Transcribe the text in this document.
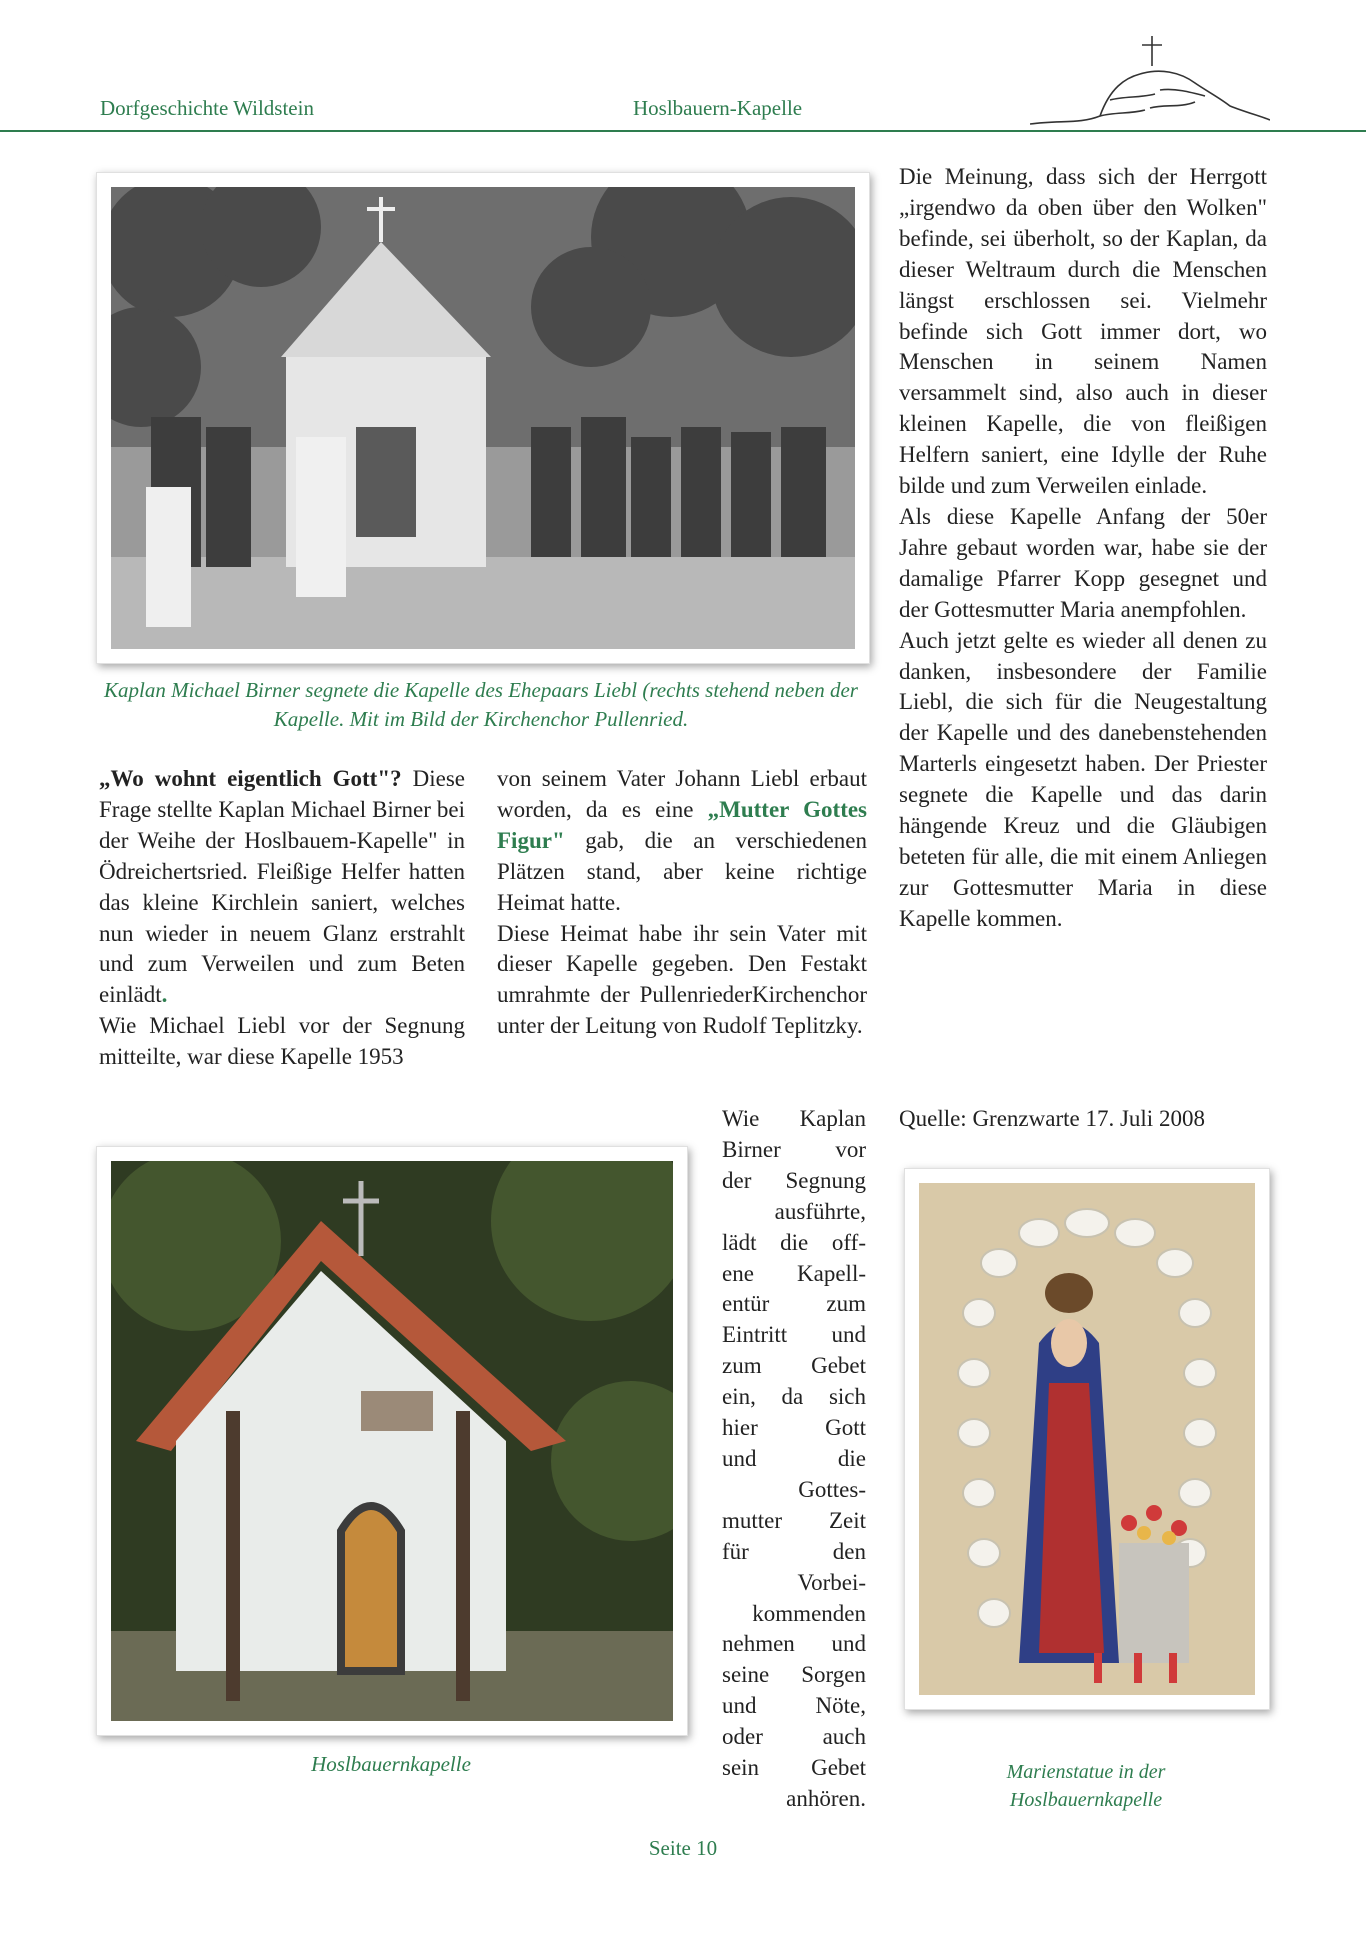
Dorfgeschichte Wildstein	Hoslbauern-Kapelle
Kaplan Michael Birner segnete die Kapelle des Ehepaars Liebl (rechts stehend neben der Kapelle. Mit im Bild der Kirchenchor Pullenried.

„Wo wohnt eigentlich Gott"? Diese Frage stellte Kaplan Michael Birner bei der Weihe der Hoslbauem-Kapelle" in Ödreichertsried. Fleißige Helfer hatten das kleine Kirchlein saniert, welches nun wieder in neuem Glanz erstrahlt und zum Verweilen und zum Beten einlädt.

Wie Michael Liebl vor der Segnung mitteilte, war diese Kapelle 1953

von seinem Vater Johann Liebl erbaut worden, da es eine „Mutter Gottes Figur" gab, die an verschiedenen Plätzen stand, aber keine richtige Heimat hatte.

Diese Heimat habe ihr sein Vater mit dieser Kapelle gegeben. Den Festakt umrahmte der PullenriederKirchenchor unter der Leitung von Rudolf Teplitzky.

Die Meinung, dass sich der Herrgott „irgendwo da oben über den Wolken" befinde, sei überholt, so der Kaplan, da dieser Weltraum durch die Menschen längst erschlossen sei. Vielmehr befinde sich Gott immer dort, wo Menschen in seinem Namen versammelt sind, also auch in dieser kleinen Kapelle, die von fleißigen Helfern saniert, eine Idylle der Ruhe bilde und zum Verweilen einlade.

Als diese Kapelle Anfang der 50er Jahre gebaut worden war, habe sie der damalige Pfarrer Kopp gesegnet und der Gottesmutter Maria anempfohlen.

Auch jetzt gelte es wieder all denen zu danken, insbesondere der Familie Liebl, die sich für die Neugestaltung der Kapelle und des danebenstehenden Marterls eingesetzt haben. Der Priester segnete die Kapelle und das darin hängende Kreuz und die Gläubigen beteten für alle, die mit einem Anliegen zur Gottesmutter Maria in diese Kapelle kommen.

Quelle: Grenzwarte 17. Juli 2008
Hoslbauernkapelle
Wie Kaplan
Birner vor
der Segnung
ausführte,
lädt die off-
ene Kapell-
entür zum
Eintritt und
zum Gebet
ein, da sich
hier Gott
und die
Gottes-
mutter Zeit
für den
Vorbei-
kommenden
nehmen und
seine Sorgen
und Nöte,
oder auch
sein Gebet
anhören.
Marienstatue in der
Hoslbauernkapelle
Seite 10
